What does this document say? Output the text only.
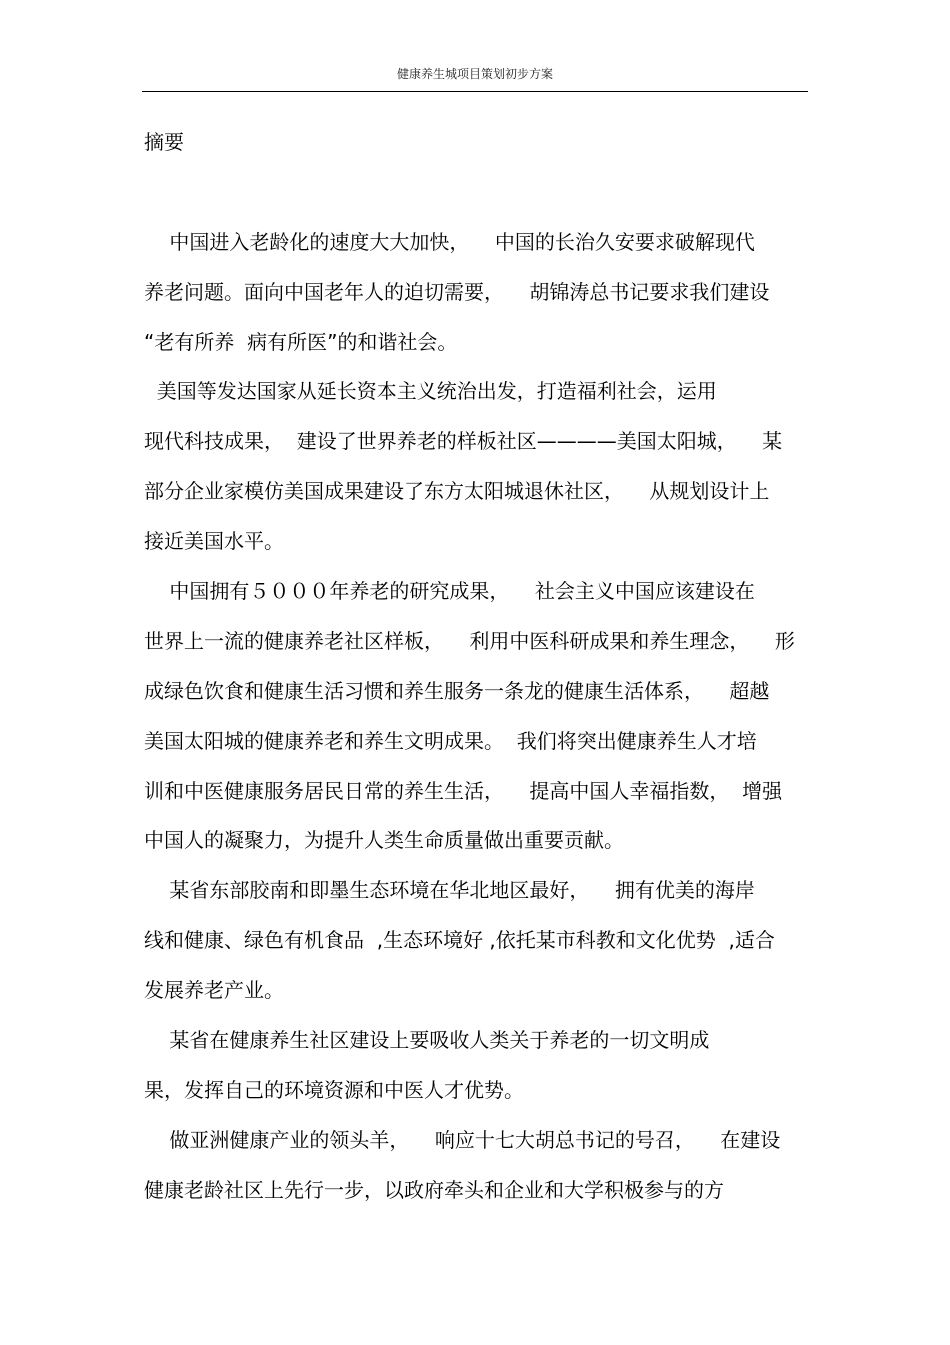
健康养生城项目策划初步方案
摘要
中国进入老龄化的速度大大加快，    中国的长治久安要求破解现代
养老问题。面向中国老年人的迫切需要，    胡锦涛总书记要求我们建设
“老有所养  病有所医”的和谐社会。
美国等发达国家从延长资本主义统治出发，打造福利社会，运用
现代科技成果，  建设了世界养老的样板社区————美国太阳城，    某
部分企业家模仿美国成果建设了东方太阳城退休社区，    从规划设计上
接近美国水平。
中国拥有５０００年养老的研究成果，    社会主义中国应该建设在
世界上一流的健康养老社区样板，    利用中医科研成果和养生理念，    形
成绿色饮食和健康生活习惯和养生服务一条龙的健康生活体系，    超越
美国太阳城的健康养老和养生文明成果。  我们将突出健康养生人才培
训和中医健康服务居民日常的养生生活，    提高中国人幸福指数，  增强
中国人的凝聚力，为提升人类生命质量做出重要贡献。
某省东部胶南和即墨生态环境在华北地区最好，    拥有优美的海岸
线和健康、绿色有机食品  ,生态环境好 ,依托某市科教和文化优势  ,适合
发展养老产业。
某省在健康养生社区建设上要吸收人类关于养老的一切文明成
果，发挥自己的环境资源和中医人才优势。
做亚洲健康产业的领头羊，    响应十七大胡总书记的号召，    在建设
健康老龄社区上先行一步，以政府牵头和企业和大学积极参与的方
